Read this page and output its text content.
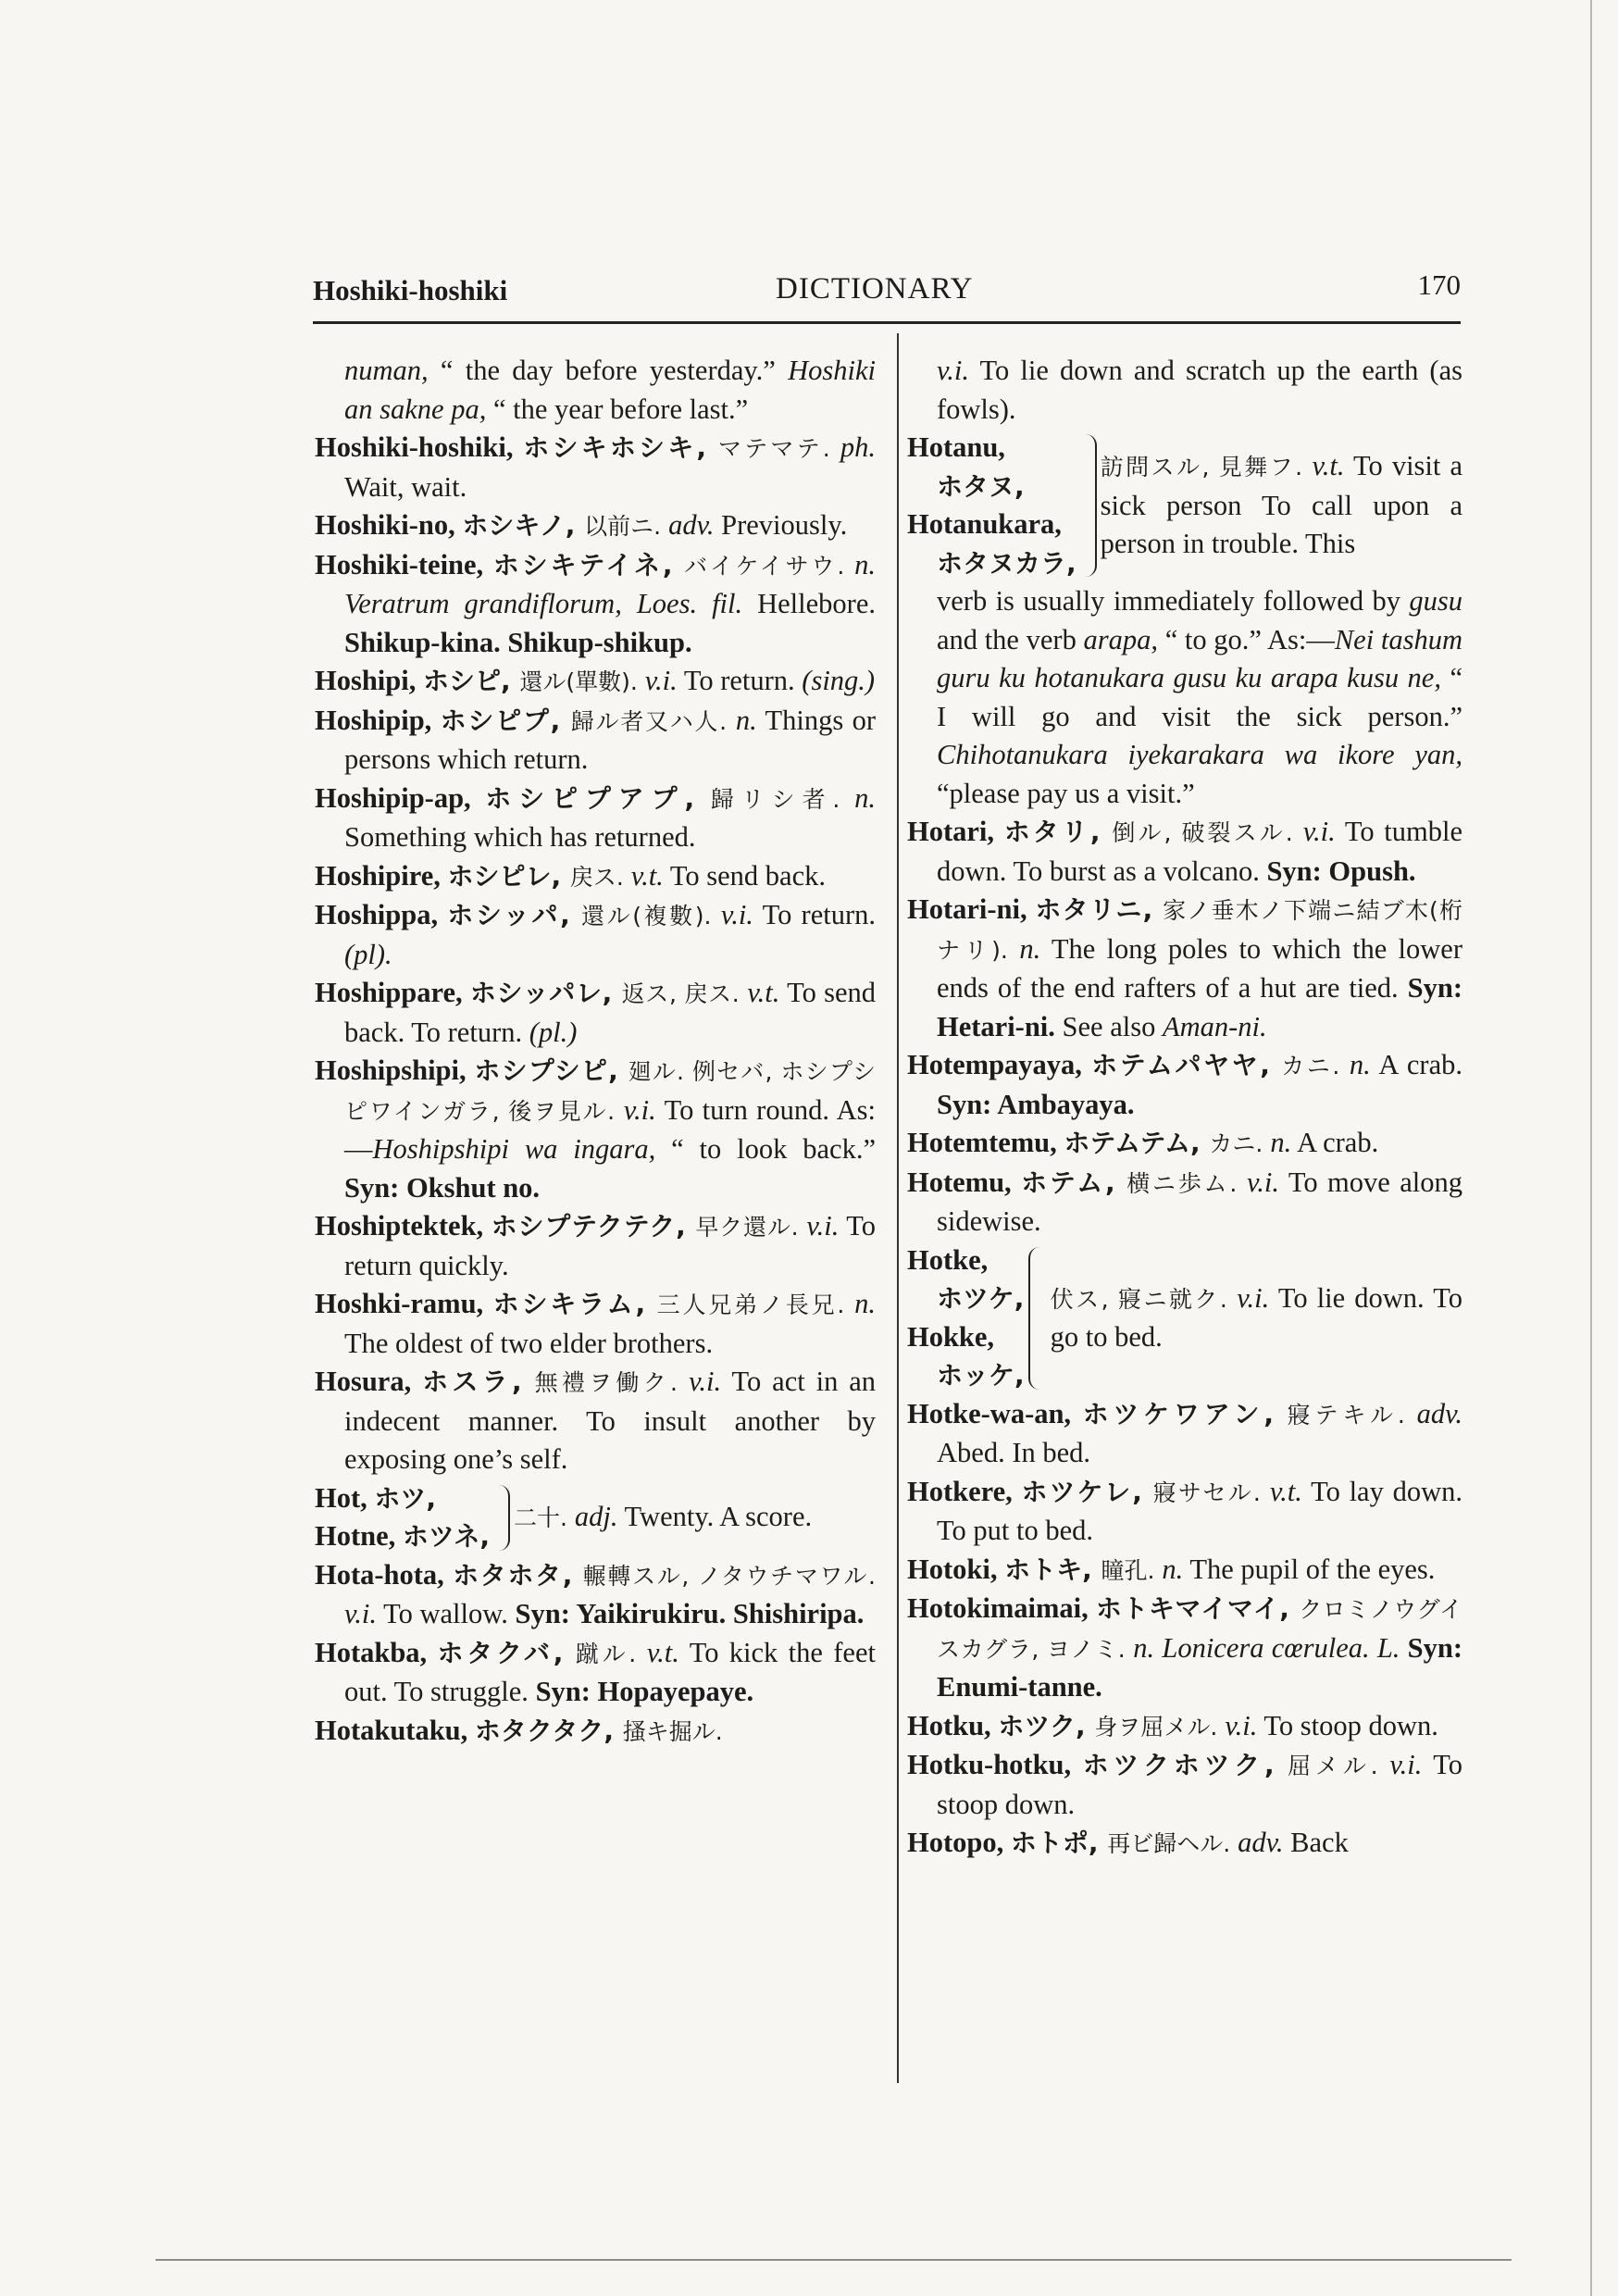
Hoshiki-hoshiki	DICTIONARY	170

numan, “ the day before yesterday.” Hoshiki an sakne pa, “ the year before last.”

Hoshiki-hoshiki, ホシキホシキ, マテマテ. ph. Wait, wait.

Hoshiki-no, ホシキノ, 以前ニ. adv. Previously.

Hoshiki-teine, ホシキテイネ, バイケイサウ. n. Veratrum grandiflorum, Loes. fil. Hellebore. Shikup-kina. Shikup-shikup.

Hoshipi, ホシピ, 還ル(單數). v.i. To return. (sing.)

Hoshipip, ホシピプ, 歸ル者又ハ人. n. Things or persons which return.

Hoshipip-ap, ホシピプアプ, 歸リシ者. n. Something which has returned.

Hoshipire, ホシピレ, 戻ス. v.t. To send back.

Hoshippa, ホシッパ, 還ル(複數). v.i. To return. (pl).

Hoshippare, ホシッパレ, 返ス, 戻ス. v.t. To send back. To return. (pl.)

Hoshipshipi, ホシプシピ, 廻ル. 例セバ, ホシプシピワインガラ, 後ヲ見ル. v.i. To turn round. As:—Hoshipshipi wa ingara, “ to look back.” Syn: Okshut no.

Hoshiptektek, ホシプテクテク, 早ク還ル. v.i. To return quickly.

Hoshki-ramu, ホシキラム, 三人兄弟ノ長兄. n. The oldest of two elder brothers.

Hosura, ホスラ, 無禮ヲ働ク. v.i. To act in an indecent manner. To insult another by exposing one’s self.

Hot, ホツ,

Hotne, ホツネ,

二十. adj. Twenty. A score.

Hota-hota, ホタホタ, 輾轉スル, ノタウチマワル. v.i. To wallow. Syn: Yaikirukiru. Shishiripa.

Hotakba, ホタクバ, 蹴ル. v.t. To kick the feet out. To struggle. Syn: Hopayepaye.

Hotakutaku, ホタクタク, 搔キ掘ル.

v.i. To lie down and scratch up the earth (as fowls).

Hotanu,

ホタヌ,

Hotanukara,

ホタヌカラ,

訪問スル, 見舞フ. v.t. To visit a sick person To call upon a person in trouble. This

verb is usually immediately followed by gusu and the verb arapa, “ to go.” As:—Nei tashum guru ku hotanukara gusu ku arapa kusu ne, “ I will go and visit the sick person.” Chihotanukara iyekarakara wa ikore yan, “please pay us a visit.”

Hotari, ホタリ, 倒ル, 破裂スル. v.i. To tumble down. To burst as a volcano. Syn: Opush.

Hotari-ni, ホタリニ, 家ノ垂木ノ下端ニ結ブ木(桁ナリ). n. The long poles to which the lower ends of the end rafters of a hut are tied. Syn: Hetari-ni. See also Aman-ni.

Hotempayaya, ホテムパヤヤ, カニ. n. A crab. Syn: Ambayaya.

Hotemtemu, ホテムテム, カニ. n. A crab.

Hotemu, ホテム, 横ニ歩ム. v.i. To move along sidewise.

Hotke,

ホツケ,

Hokke,

ホッケ,

伏ス, 寢ニ就ク. v.i. To lie down. To go to bed.

Hotke-wa-an, ホツケワアン, 寢テキル. adv. Abed. In bed.

Hotkere, ホツケレ, 寢サセル. v.t. To lay down. To put to bed.

Hotoki, ホトキ, 瞳孔. n. The pupil of the eyes.

Hotokimaimai, ホトキマイマイ, クロミノウグイスカグラ, ヨノミ. n. Lonicera cœrulea. L. Syn: Enumi-tanne.

Hotku, ホツク, 身ヲ屈メル. v.i. To stoop down.

Hotku-hotku, ホツクホツク, 屈メル. v.i. To stoop down.

Hotopo, ホトポ, 再ビ歸ヘル. adv. Back
